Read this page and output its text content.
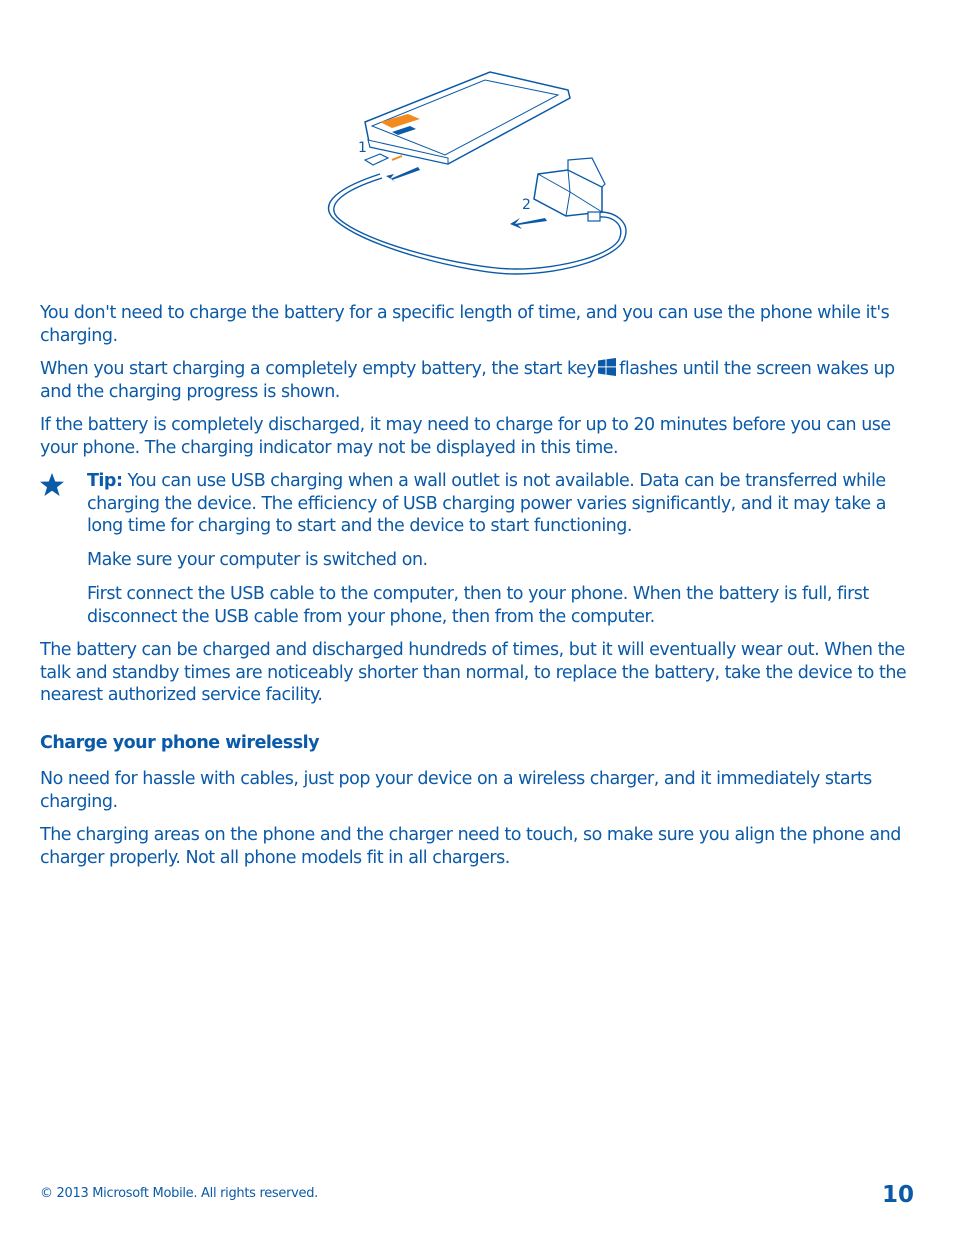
1
2

You don't need to charge the battery for a specific length of time, and you can use the phone while it's charging.

When you start charging a completely empty battery, the start key flashes until the screen wakes up and the charging progress is shown.

If the battery is completely discharged, it may need to charge for up to 20 minutes before you can use your phone. The charging indicator may not be displayed in this time.

Tip: You can use USB charging when a wall outlet is not available. Data can be transferred while charging the device. The efficiency of USB charging power varies significantly, and it may take a long time for charging to start and the device to start functioning.

Make sure your computer is switched on.

First connect the USB cable to the computer, then to your phone. When the battery is full, first disconnect the USB cable from your phone, then from the computer.

The battery can be charged and discharged hundreds of times, but it will eventually wear out. When the talk and standby times are noticeably shorter than normal, to replace the battery, take the device to the nearest authorized service facility.

Charge your phone wirelessly

No need for hassle with cables, just pop your device on a wireless charger, and it immediately starts charging.

The charging areas on the phone and the charger need to touch, so make sure you align the phone and charger properly. Not all phone models fit in all chargers.

© 2013 Microsoft Mobile. All rights reserved.	10
